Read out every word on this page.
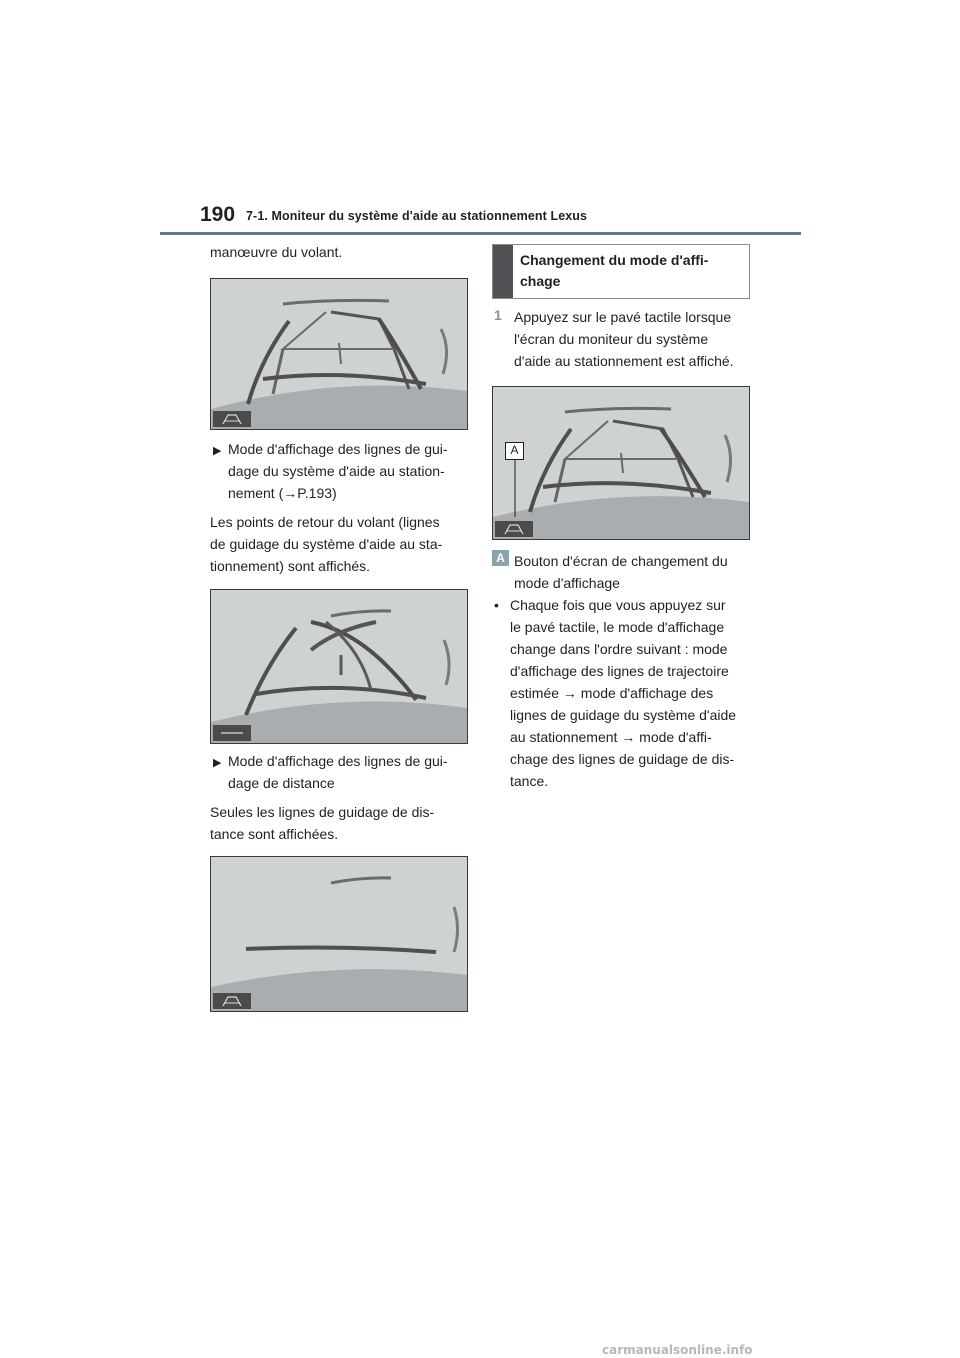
190 7-1. Moniteur du système d'aide au stationnement Lexus
manœuvre du volant.
▶ Mode d'affichage des lignes de gui-
dage du système d'aide au station-
nement (→P.193)
Les points de retour du volant (lignes
de guidage du système d'aide au sta-
tionnement) sont affichés.
▶ Mode d'affichage des lignes de gui-
dage de distance
Seules les lignes de guidage de dis-
tance sont affichées.
Changement du mode d'affi-
chage
1 Appuyez sur le pavé tactile lorsque
l'écran du moniteur du système
d'aide au stationnement est affiché.
A
A Bouton d'écran de changement du
mode d'affichage
• Chaque fois que vous appuyez sur
le pavé tactile, le mode d'affichage
change dans l'ordre suivant : mode
d'affichage des lignes de trajectoire
estimée → mode d'affichage des
lignes de guidage du système d'aide
au stationnement → mode d'affi-
chage des lignes de guidage de dis-
tance.
carmanualsonline.info
